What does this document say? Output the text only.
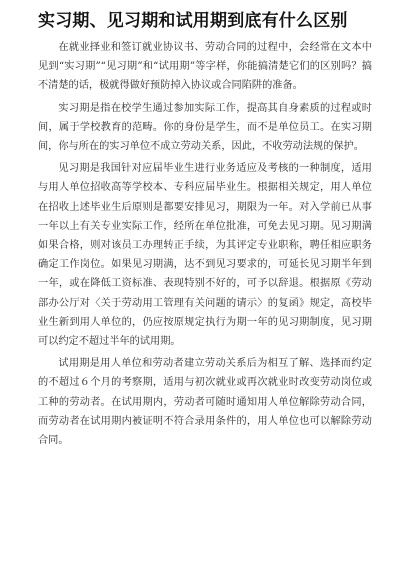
实习期、见习期和试用期到底有什么区别

在就业择业和签订就业协议书、劳动合同的过程中，会经常在文本中见到“实习期”“见习期”和“试用期”等字样，你能搞清楚它们的区别吗？搞不清楚的话，极就得做好预防掉入协议或合同陷阱的准备。

实习期是指在校学生通过参加实际工作，提高其自身素质的过程或时间，属于学校教育的范畴。你的身份是学生，而不是单位员工。在实习期间，你与所在的实习单位不成立劳动关系，因此，不收劳动法规的保护。

见习期是我国针对应届毕业生进行业务适应及考核的一种制度，适用与用人单位招收高等学校本、专科应届毕业生。根据相关规定，用人单位在招收上述毕业生后原则是都要安排见习，期限为一年。对入学前已从事一年以上有关专业实际工作，经所在单位批准，可免去见习期。见习期满如果合格，则对该员工办理转正手续，为其评定专业职称，聘任相应职务确定工作岗位。如果见习期满，达不到见习要求的，可延长见习期半年到一年，或在降低工资标准、表现特别不好的，可予以辞退。根据原《劳动部办公厅对〈关于劳动用工管理有关问题的请示〉的复函》规定，高校毕业生新到用人单位的，仍应按原规定执行为期一年的见习期制度，见习期可以约定不超过半年的试用期。

试用期是用人单位和劳动者建立劳动关系后为相互了解、选择而约定的不超过６个月的考察期，适用与初次就业或再次就业时改变劳动岗位或工种的劳动者。在试用期内，劳动者可随时通知用人单位解除劳动合同，而劳动者在试用期内被证明不符合录用条件的，用人单位也可以解除劳动合同。
